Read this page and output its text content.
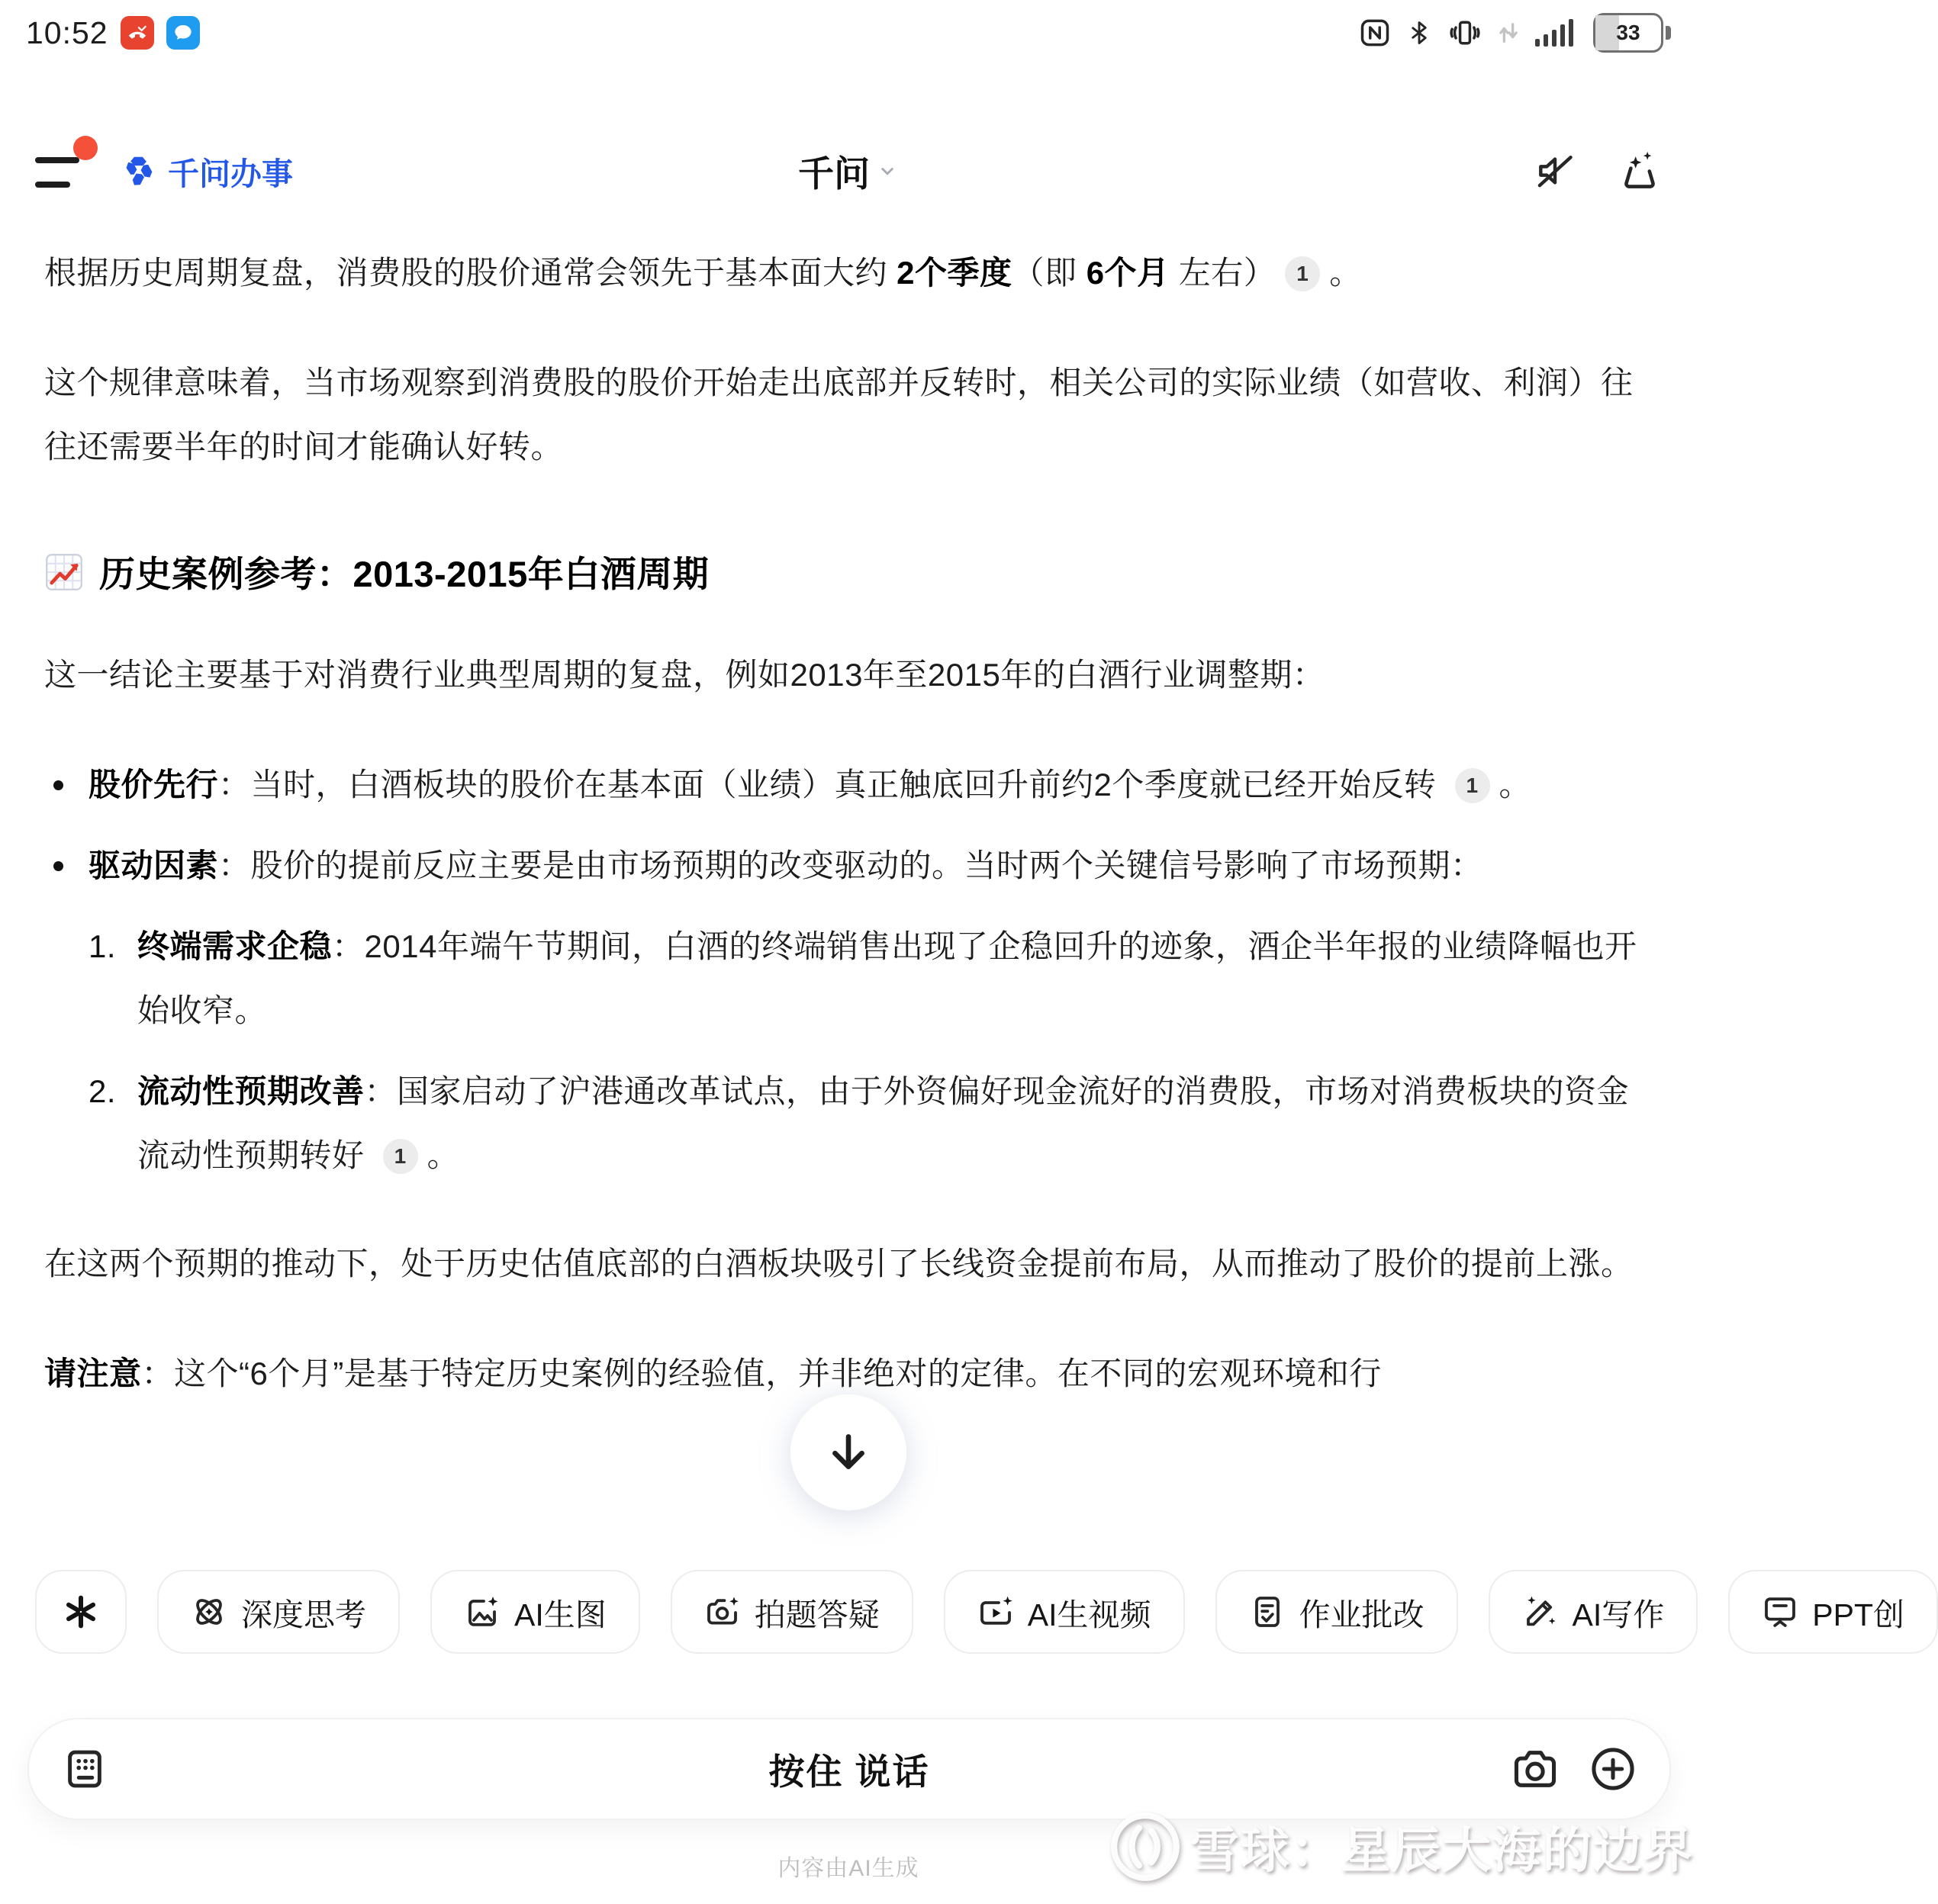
10:52	33
千问办事	千问

根据历史周期复盘，消费股的股价通常会领先于基本面大约 2个季度（即 6个月 左右） 1 。

这个规律意味着，当市场观察到消费股的股价开始走出底部并反转时，相关公司的实际业绩（如营收、利润）往往还需要半年的时间才能确认好转。

历史案例参考：2013-2015年白酒周期

这一结论主要基于对消费行业典型周期的复盘，例如2013年至2015年的白酒行业调整期：

股价先行：当时，白酒板块的股价在基本面（业绩）真正触底回升前约2个季度就已经开始反转 1 。
驱动因素：股价的提前反应主要是由市场预期的改变驱动的。当时两个关键信号影响了市场预期：
1. 终端需求企稳：2014年端午节期间，白酒的终端销售出现了企稳回升的迹象，酒企半年报的业绩降幅也开始收窄。
2. 流动性预期改善：国家启动了沪港通改革试点，由于外资偏好现金流好的消费股，市场对消费板块的资金流动性预期转好 1 。

在这两个预期的推动下，处于历史估值底部的白酒板块吸引了长线资金提前布局，从而推动了股价的提前上涨。

请注意：这个“6个月”是基于特定历史案例的经验值，并非绝对的定律。在不同的宏观环境和行

深度思考	AI生图	拍题答疑	AI生视频	作业批改	AI写作	PPT创
按住 说话
内容由AI生成	雪球：星辰大海的边界
